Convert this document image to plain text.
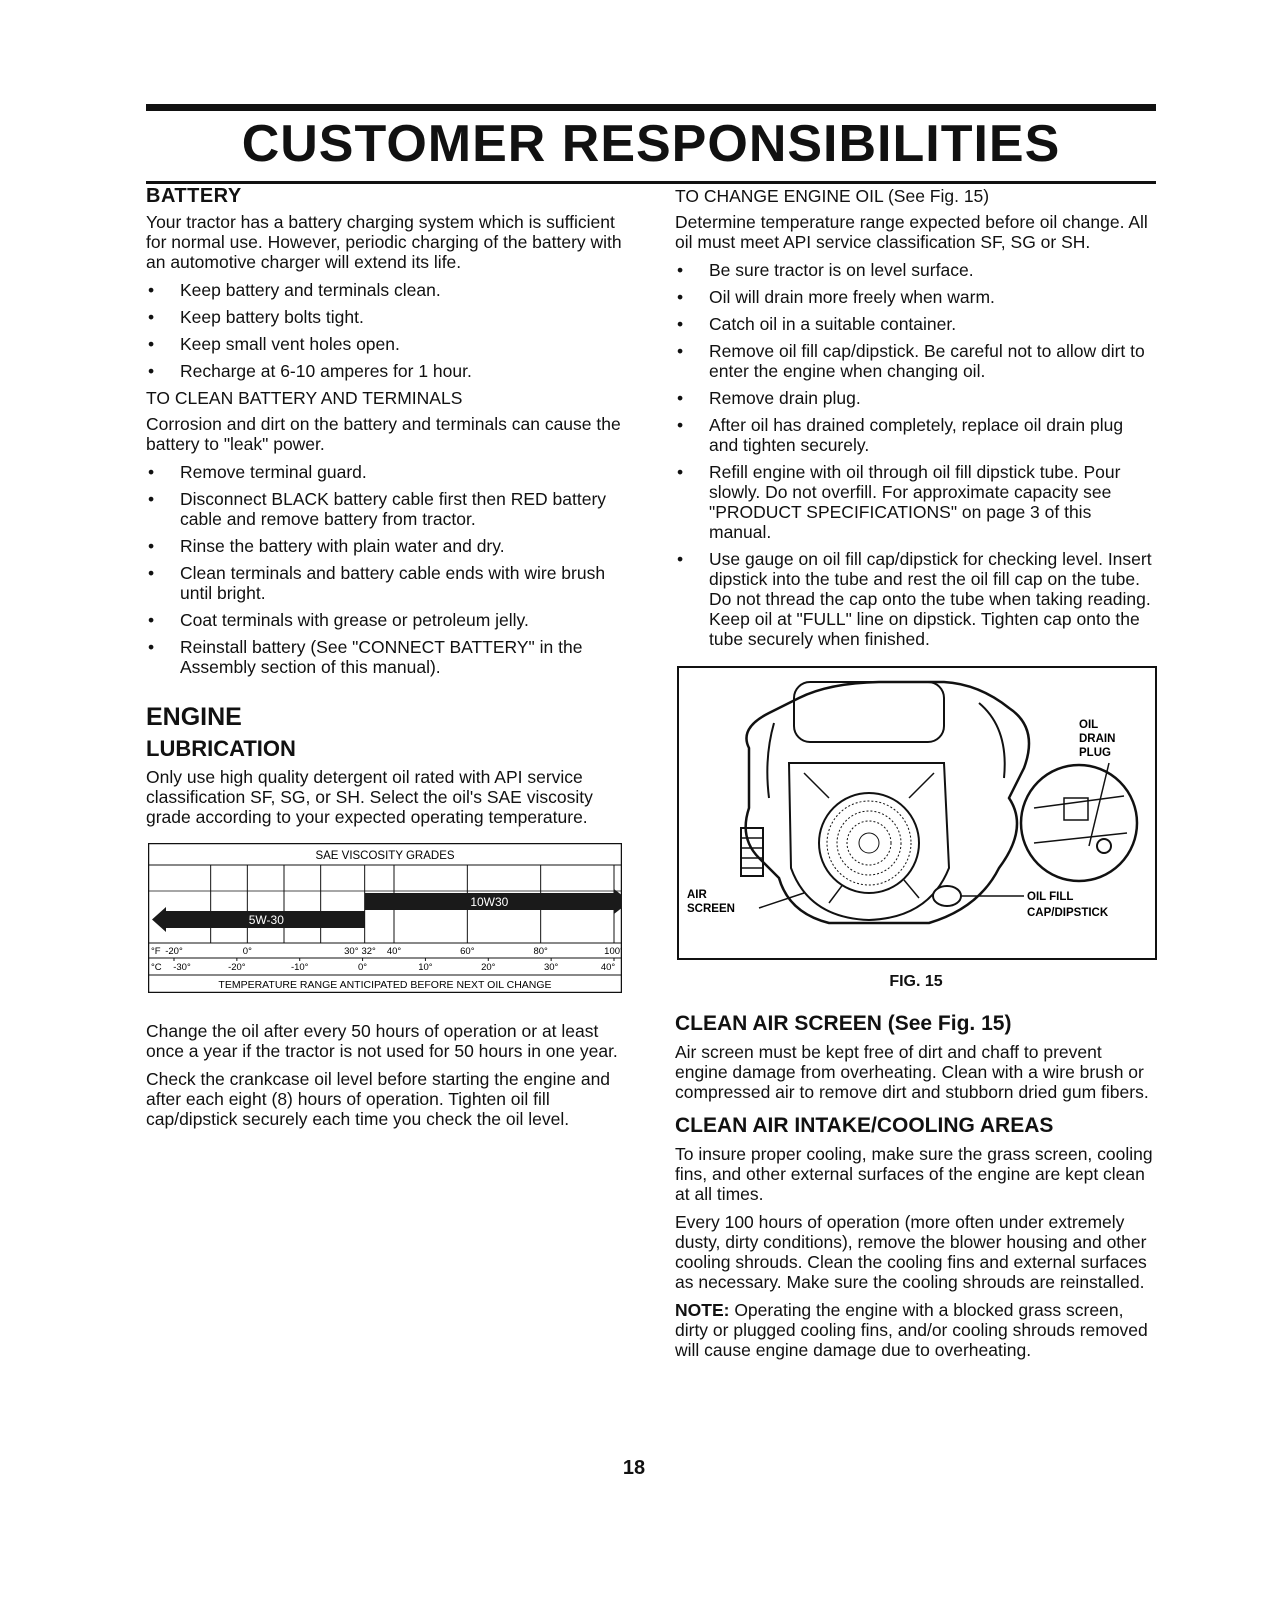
CUSTOMER RESPONSIBILITIES
BATTERY

Your tractor has a battery charging system which is sufficient for normal use. However, periodic charging of the battery with an automotive charger will extend its life.

• Keep battery and terminals clean.
• Keep battery bolts tight.
• Keep small vent holes open.
• Recharge at 6-10 amperes for 1 hour.
TO CLEAN BATTERY AND TERMINALS

Corrosion and dirt on the battery and terminals can cause the battery to "leak" power.

• Remove terminal guard.
• Disconnect BLACK battery cable first then RED battery cable and remove battery from tractor.
• Rinse the battery with plain water and dry.
• Clean terminals and battery cable ends with wire brush until bright.
• Coat terminals with grease or petroleum jelly.
• Reinstall battery (See "CONNECT BATTERY" in the Assembly section of this manual).
ENGINE
LUBRICATION

Only use high quality detergent oil rated with API service classification SF, SG, or SH. Select the oil's SAE viscosity grade according to your expected operating temperature.

SAE VISCOSITY GRADES
10W30
5W-30
°F
°C
-20°	0°	30° 32° 40°	60°	80°	100°
-30°	-20°	-10°	0°	10°	20°	30°	40°
TEMPERATURE RANGE ANTICIPATED BEFORE NEXT OIL CHANGE

Change the oil after every 50 hours of operation or at least once a year if the tractor is not used for 50 hours in one year.

Check the crankcase oil level before starting the engine and after each eight (8) hours of operation. Tighten oil fill cap/dipstick securely each time you check the oil level.

TO CHANGE ENGINE OIL (See Fig. 15)

Determine temperature range expected before oil change. All oil must meet API service classification SF, SG or SH.

• Be sure tractor is on level surface.
• Oil will drain more freely when warm.
• Catch oil in a suitable container.
• Remove oil fill cap/dipstick. Be careful not to allow dirt to enter the engine when changing oil.
• Remove drain plug.
• After oil has drained completely, replace oil drain plug and tighten securely.
• Refill engine with oil through oil fill dipstick tube. Pour slowly. Do not overfill. For approximate capacity see "PRODUCT SPECIFICATIONS" on page 3 of this manual.
• Use gauge on oil fill cap/dipstick for checking level. Insert dipstick into the tube and rest the oil fill cap on the tube. Do not thread the cap onto the tube when taking reading. Keep oil at "FULL" line on dipstick. Tighten cap onto the tube securely when finished.
OIL
DRAIN
PLUG
AIR
SCREEN
OIL FILL
CAP/DIPSTICK
FIG. 15
CLEAN AIR SCREEN (See Fig. 15)

Air screen must be kept free of dirt and chaff to prevent engine damage from overheating. Clean with a wire brush or compressed air to remove dirt and stubborn dried gum fibers.

CLEAN AIR INTAKE/COOLING AREAS

To insure proper cooling, make sure the grass screen, cooling fins, and other external surfaces of the engine are kept clean at all times.

Every 100 hours of operation (more often under extremely dusty, dirty conditions), remove the blower housing and other cooling shrouds. Clean the cooling fins and external surfaces as necessary. Make sure the cooling shrouds are reinstalled.

NOTE: Operating the engine with a blocked grass screen, dirty or plugged cooling fins, and/or cooling shrouds removed will cause engine damage due to overheating.

18
